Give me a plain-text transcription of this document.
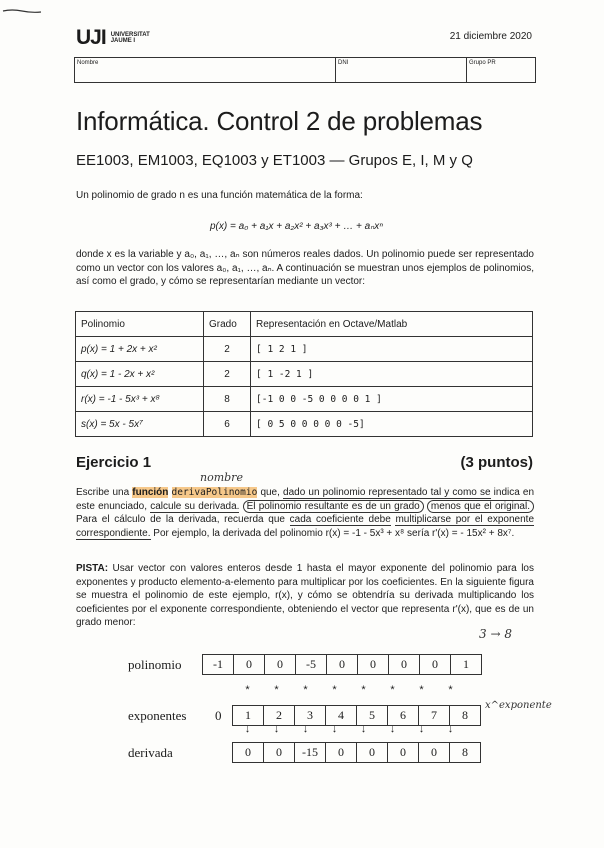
UJI UNIVERSITAT
JAUME I	21 diciembre 2020
Nombre	DNI	Grupo PR
Informática. Control 2 de problemas
EE1003, EM1003, EQ1003 y ET1003 — Grupos E, I, M y Q

Un polinomio de grado n es una función matemática de la forma:

p(x) = a₀ + a₁x + a₂x² + a₃x³ + … + aₙxⁿ

donde x es la variable y a₀, a₁, …, aₙ son números reales dados. Un polinomio puede ser representado como un vector con los valores a₀, a₁, …, aₙ. A continuación se muestran unos ejemplos de polinomios, así como el grado, y cómo se representarían mediante un vector:

Polinomio	Grado	Representación en Octave/Matlab
p(x) = 1 + 2x + x²	2	[ 1 2 1 ]
q(x) = 1 - 2x + x²	2	[ 1 -2 1 ]
r(x) = -1 - 5x³ + x⁸	8	[-1 0 0 -5 0 0 0 0 1 ]
s(x) = 5x - 5x⁷	6	[ 0 5 0 0 0 0 0 -5]
Ejercicio 1	(3 puntos)
nombre

Escribe una función derivaPolinomio que, dado un polinomio representado tal y como se indica en este enunciado, calcule su derivada. El polinomio resultante es de un grado menos que el original. Para el cálculo de la derivada, recuerda que cada coeficiente debe multiplicarse por el exponente correspondiente. Por ejemplo, la derivada del polinomio r(x) = -1 - 5x³ + x⁸ sería r'(x) = - 15x² + 8x⁷.

PISTA: Usar vector con valores enteros desde 1 hasta el mayor exponente del polinomio para los exponentes y producto elemento-a-elemento para multiplicar por los coeficientes. En la siguiente figura se muestra el polinomio de este ejemplo, r(x), y cómo se obtendría su derivada multiplicando los coeficientes por el exponente correspondiente, obteniendo el vector que representa r'(x), que es de un grado menor:

3 → 8
polinomio	-1	0	0	-5	0	0	0	0	1
*	*	*	*	*	*	*	*
exponentes 0	1	2	3	4	5	6	7	8
x^exponente
↓	↓	↓	↓	↓	↓	↓	↓
derivada	0	0	-15	0	0	0	0	8
